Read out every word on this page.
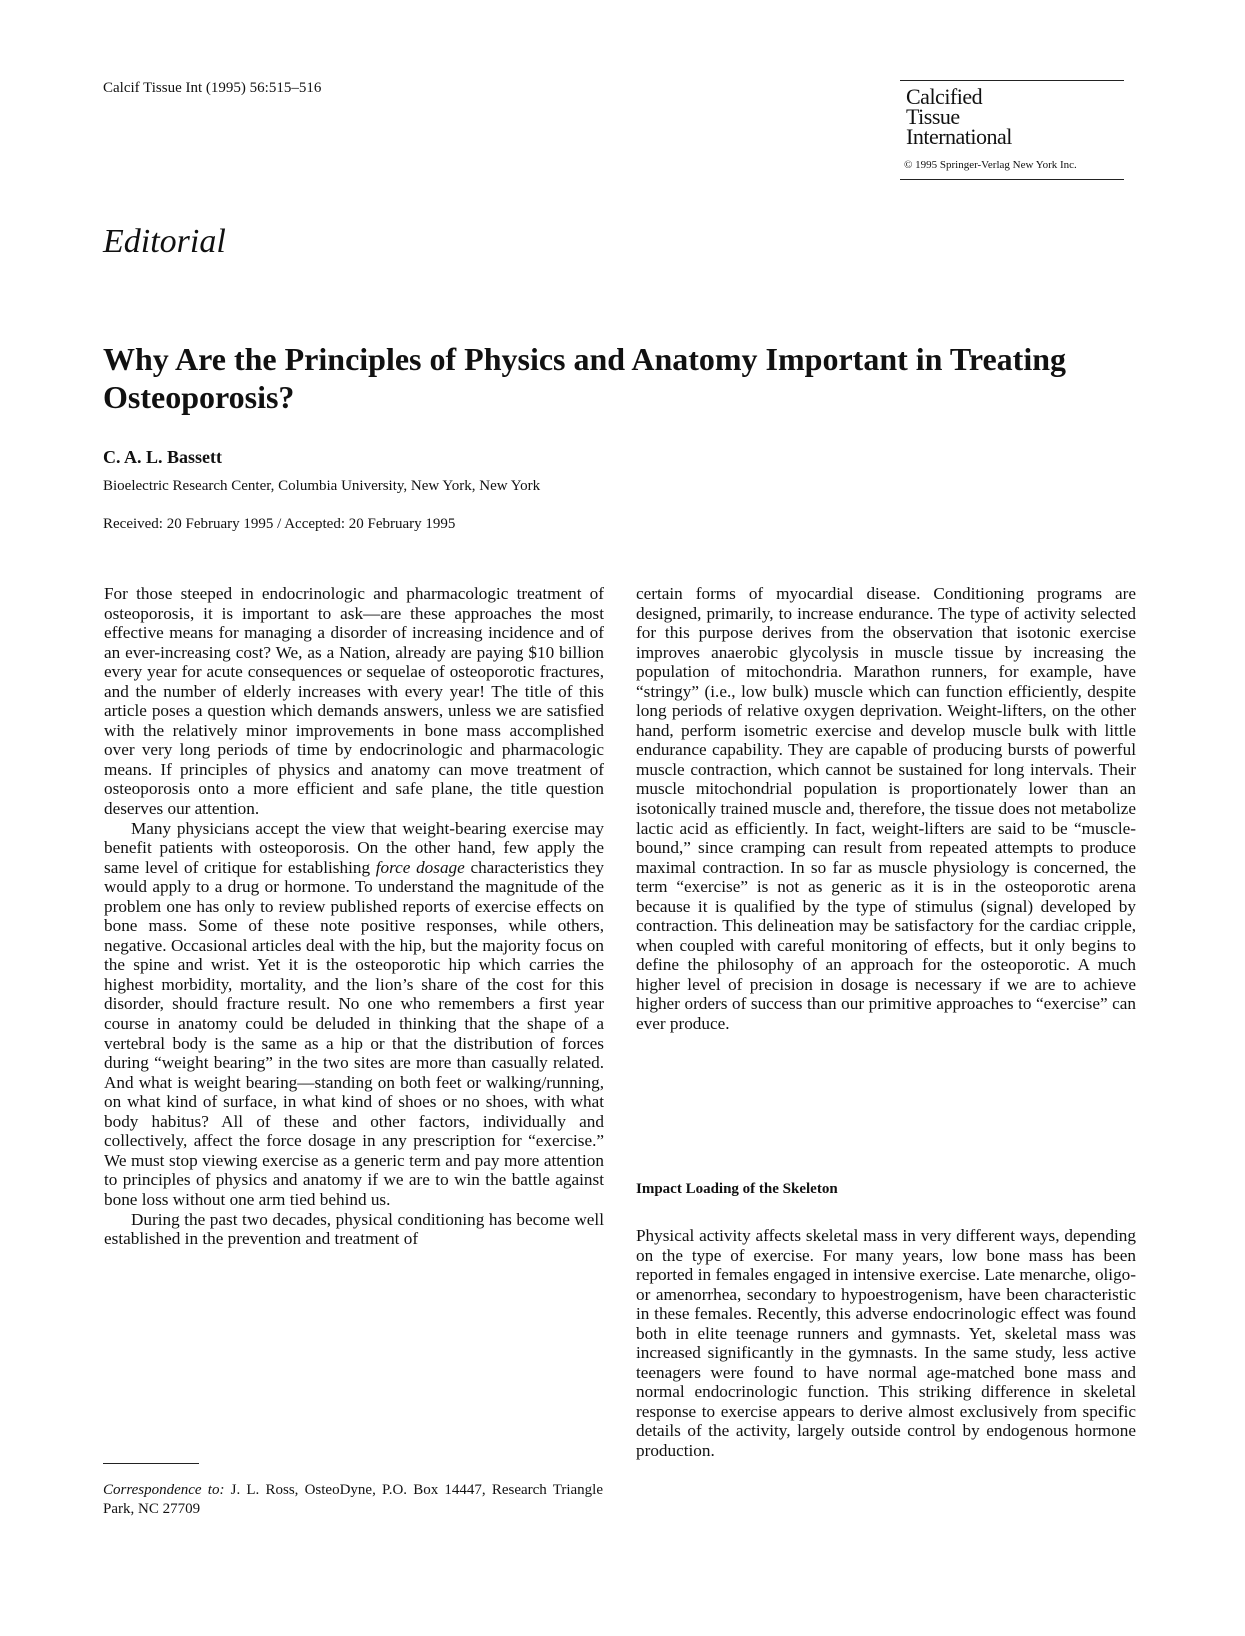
Calcif Tissue Int (1995) 56:515–516	Calcified
Tissue
International
© 1995 Springer-Verlag New York Inc.
Editorial
Why Are the Principles of Physics and Anatomy Important in Treating Osteoporosis?
C. A. L. Bassett
Bioelectric Research Center, Columbia University, New York, New York
Received: 20 February 1995 / Accepted: 20 February 1995

For those steeped in endocrinologic and pharmacologic treatment of osteoporosis, it is important to ask—are these approaches the most effective means for managing a disorder of increasing incidence and of an ever-increasing cost? We, as a Nation, already are paying $10 billion every year for acute consequences or sequelae of osteoporotic fractures, and the number of elderly increases with every year! The title of this article poses a question which demands answers, unless we are satisfied with the relatively minor improvements in bone mass accomplished over very long periods of time by endocrinologic and pharmacologic means. If principles of physics and anatomy can move treatment of osteoporosis onto a more efficient and safe plane, the title question deserves our attention.

Many physicians accept the view that weight-bearing exercise may benefit patients with osteoporosis. On the other hand, few apply the same level of critique for establishing force dosage characteristics they would apply to a drug or hormone. To understand the magnitude of the problem one has only to review published reports of exercise effects on bone mass. Some of these note positive responses, while others, negative. Occasional articles deal with the hip, but the majority focus on the spine and wrist. Yet it is the osteoporotic hip which carries the highest morbidity, mortality, and the lion’s share of the cost for this disorder, should fracture result. No one who remembers a first year course in anatomy could be deluded in thinking that the shape of a vertebral body is the same as a hip or that the distribution of forces during “weight bearing” in the two sites are more than casually related. And what is weight bearing—standing on both feet or walking/running, on what kind of surface, in what kind of shoes or no shoes, with what body habitus? All of these and other factors, individually and collectively, affect the force dosage in any prescription for “exercise.” We must stop viewing exercise as a generic term and pay more attention to principles of physics and anatomy if we are to win the battle against bone loss without one arm tied behind us.

During the past two decades, physical conditioning has become well established in the prevention and treatment of

certain forms of myocardial disease. Conditioning programs are designed, primarily, to increase endurance. The type of activity selected for this purpose derives from the observation that isotonic exercise improves anaerobic glycolysis in muscle tissue by increasing the population of mitochondria. Marathon runners, for example, have “stringy” (i.e., low bulk) muscle which can function efficiently, despite long periods of relative oxygen deprivation. Weight-lifters, on the other hand, perform isometric exercise and develop muscle bulk with little endurance capability. They are capable of producing bursts of powerful muscle contraction, which cannot be sustained for long intervals. Their muscle mitochondrial population is proportionately lower than an isotonically trained muscle and, therefore, the tissue does not metabolize lactic acid as efficiently. In fact, weight-lifters are said to be “muscle-bound,” since cramping can result from repeated attempts to produce maximal contraction. In so far as muscle physiology is concerned, the term “exercise” is not as generic as it is in the osteoporotic arena because it is qualified by the type of stimulus (signal) developed by contraction. This delineation may be satisfactory for the cardiac cripple, when coupled with careful monitoring of effects, but it only begins to define the philosophy of an approach for the osteoporotic. A much higher level of precision in dosage is necessary if we are to achieve higher orders of success than our primitive approaches to “exercise” can ever produce.

Impact Loading of the Skeleton

Physical activity affects skeletal mass in very different ways, depending on the type of exercise. For many years, low bone mass has been reported in females engaged in intensive exercise. Late menarche, oligo- or amenorrhea, secondary to hypoestrogenism, have been characteristic in these females. Recently, this adverse endocrinologic effect was found both in elite teenage runners and gymnasts. Yet, skeletal mass was increased significantly in the gymnasts. In the same study, less active teenagers were found to have normal age-matched bone mass and normal endocrinologic function. This striking difference in skeletal response to exercise appears to derive almost exclusively from specific details of the activity, largely outside control by endogenous hormone production.

Correspondence to: J. L. Ross, OsteoDyne, P.O. Box 14447, Research Triangle Park, NC 27709
